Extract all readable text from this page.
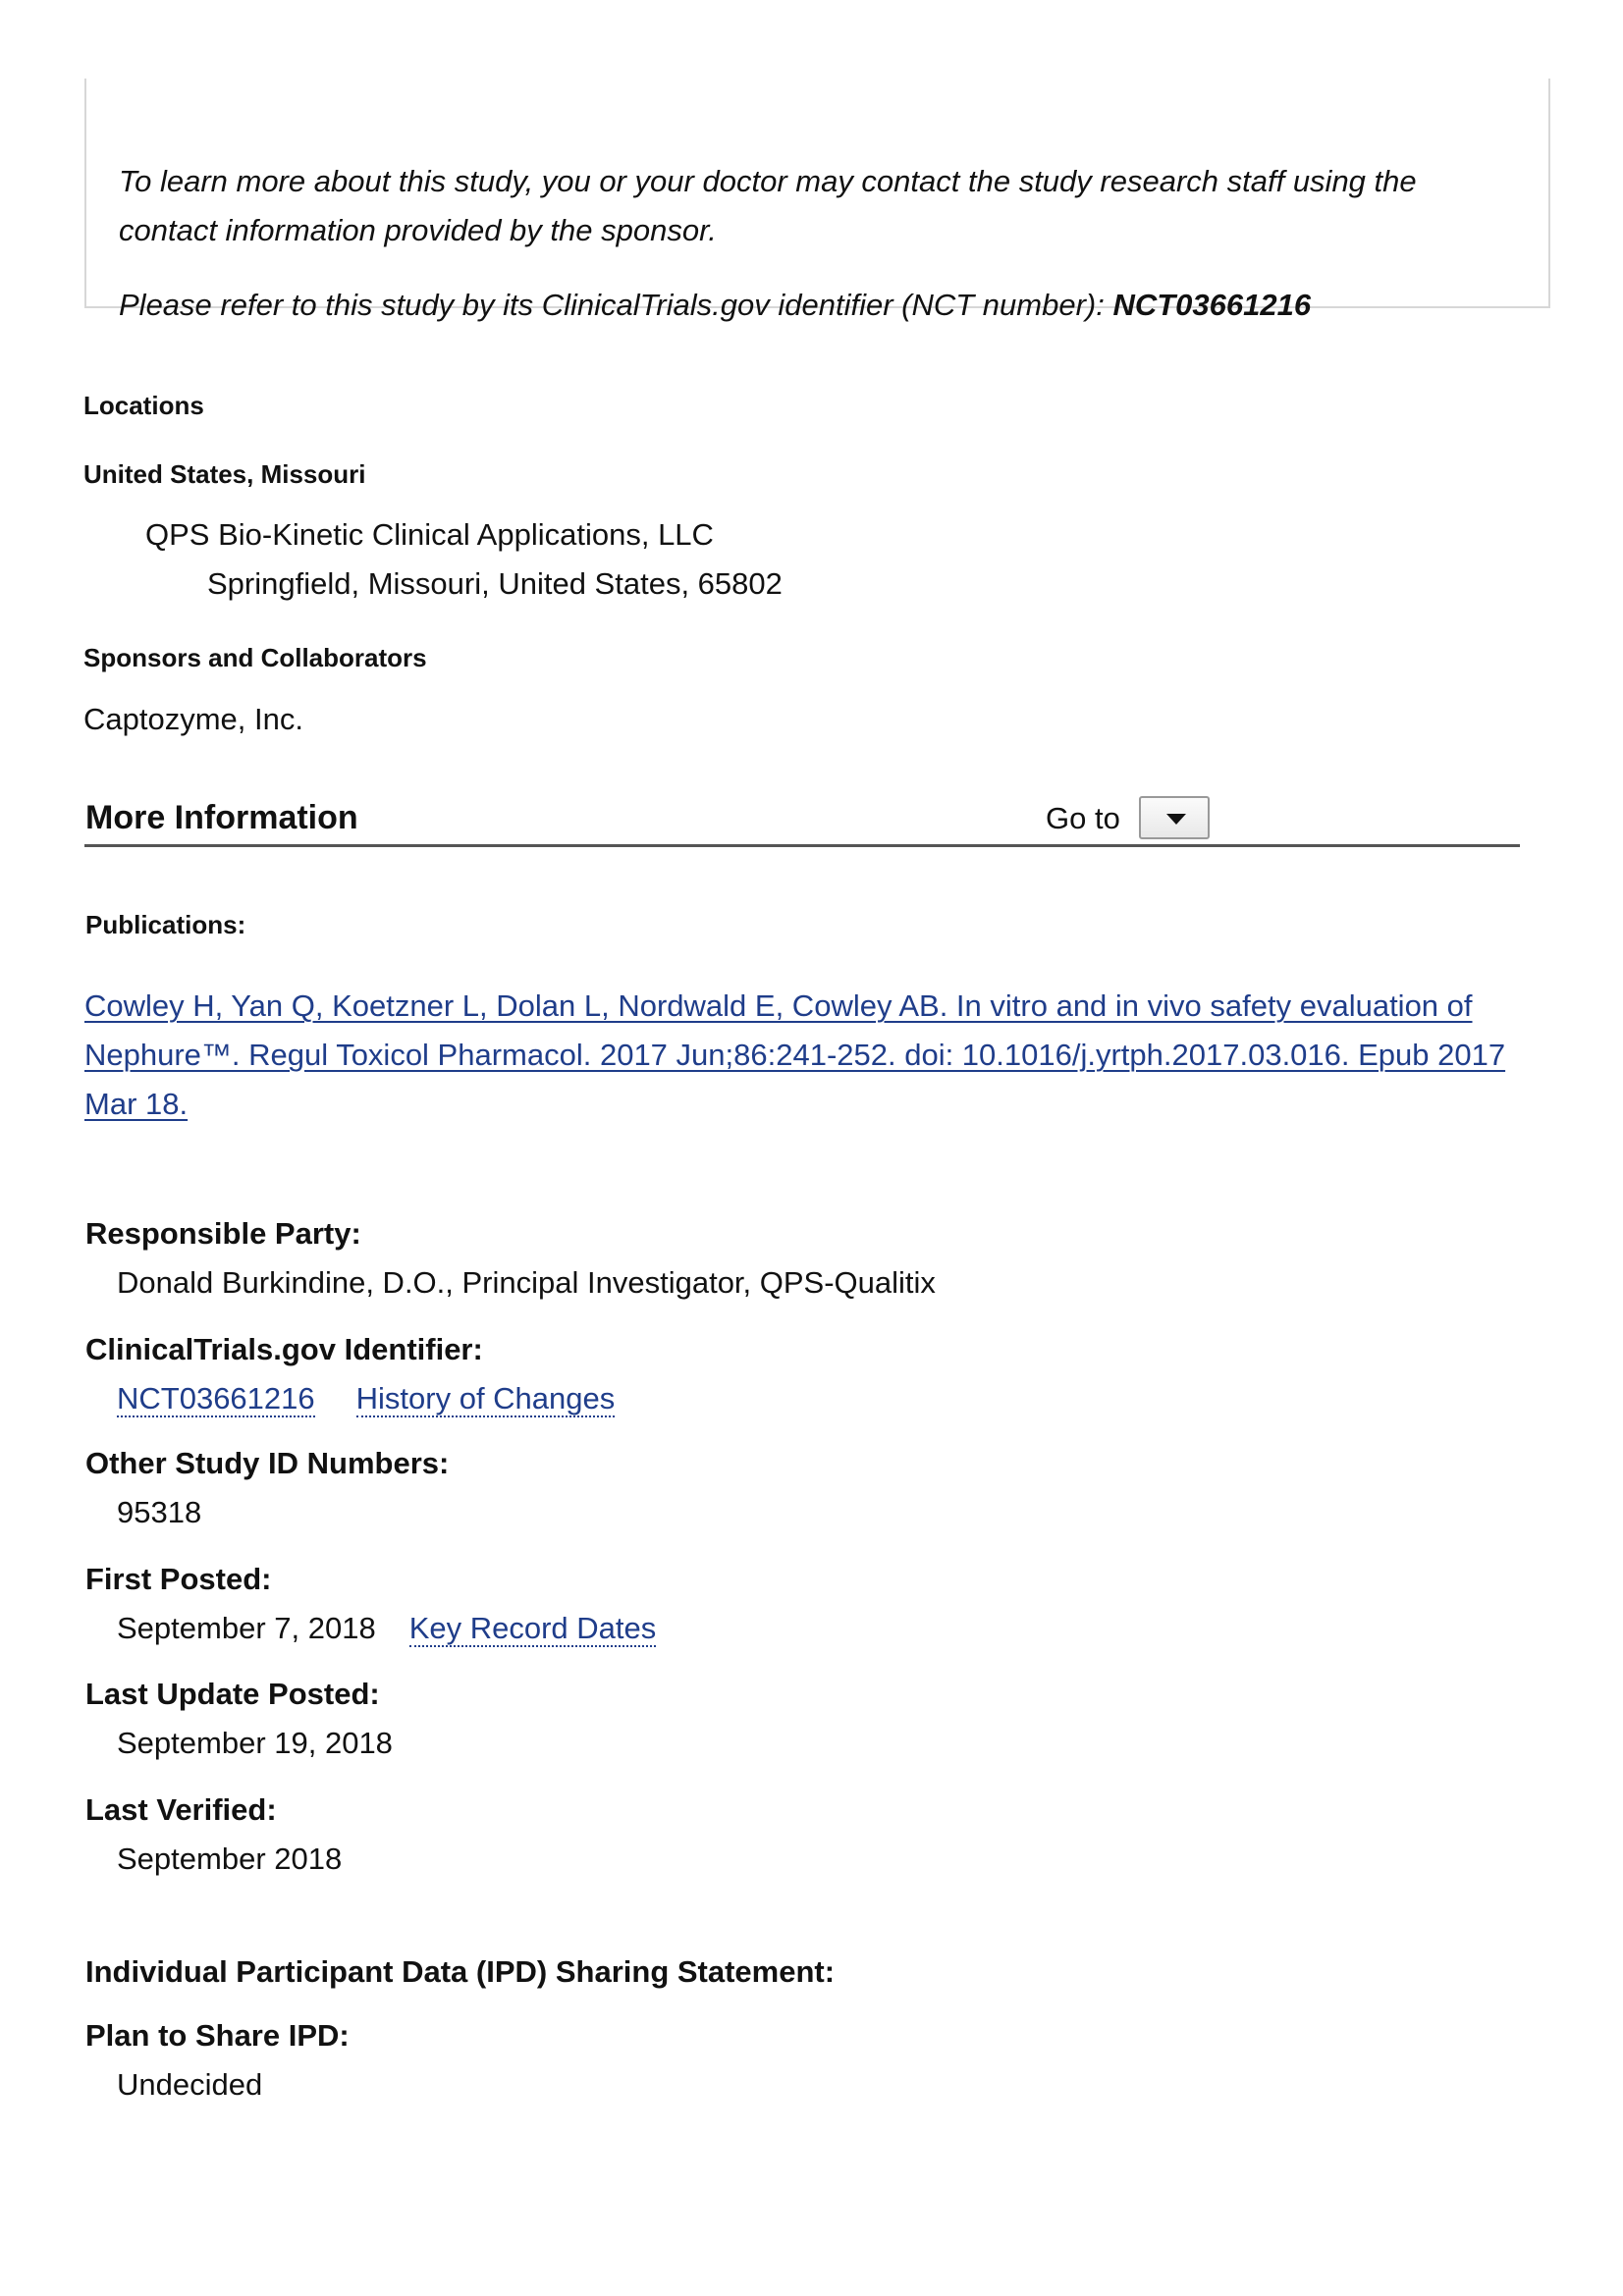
To learn more about this study, you or your doctor may contact the study research staff using the
contact information provided by the sponsor.
Please refer to this study by its ClinicalTrials.gov identifier (NCT number): NCT03661216
Locations
United States, Missouri
QPS Bio-Kinetic Clinical Applications, LLC
Springfield, Missouri, United States, 65802
Sponsors and Collaborators
Captozyme, Inc.
More Information	Go to
Publications:
Cowley H, Yan Q, Koetzner L, Dolan L, Nordwald E, Cowley AB. In vitro and in vivo safety evaluation of Nephure™. Regul Toxicol Pharmacol. 2017 Jun;86:241-252. doi: 10.1016/j.yrtph.2017.03.016. Epub 2017 Mar 18.
Responsible Party:
Donald Burkindine, D.O., Principal Investigator, QPS-Qualitix
ClinicalTrials.gov Identifier:
NCT03661216 History of Changes
Other Study ID Numbers:
95318
First Posted:
September 7, 2018 Key Record Dates
Last Update Posted:
September 19, 2018
Last Verified:
September 2018
Individual Participant Data (IPD) Sharing Statement:
Plan to Share IPD:
Undecided
